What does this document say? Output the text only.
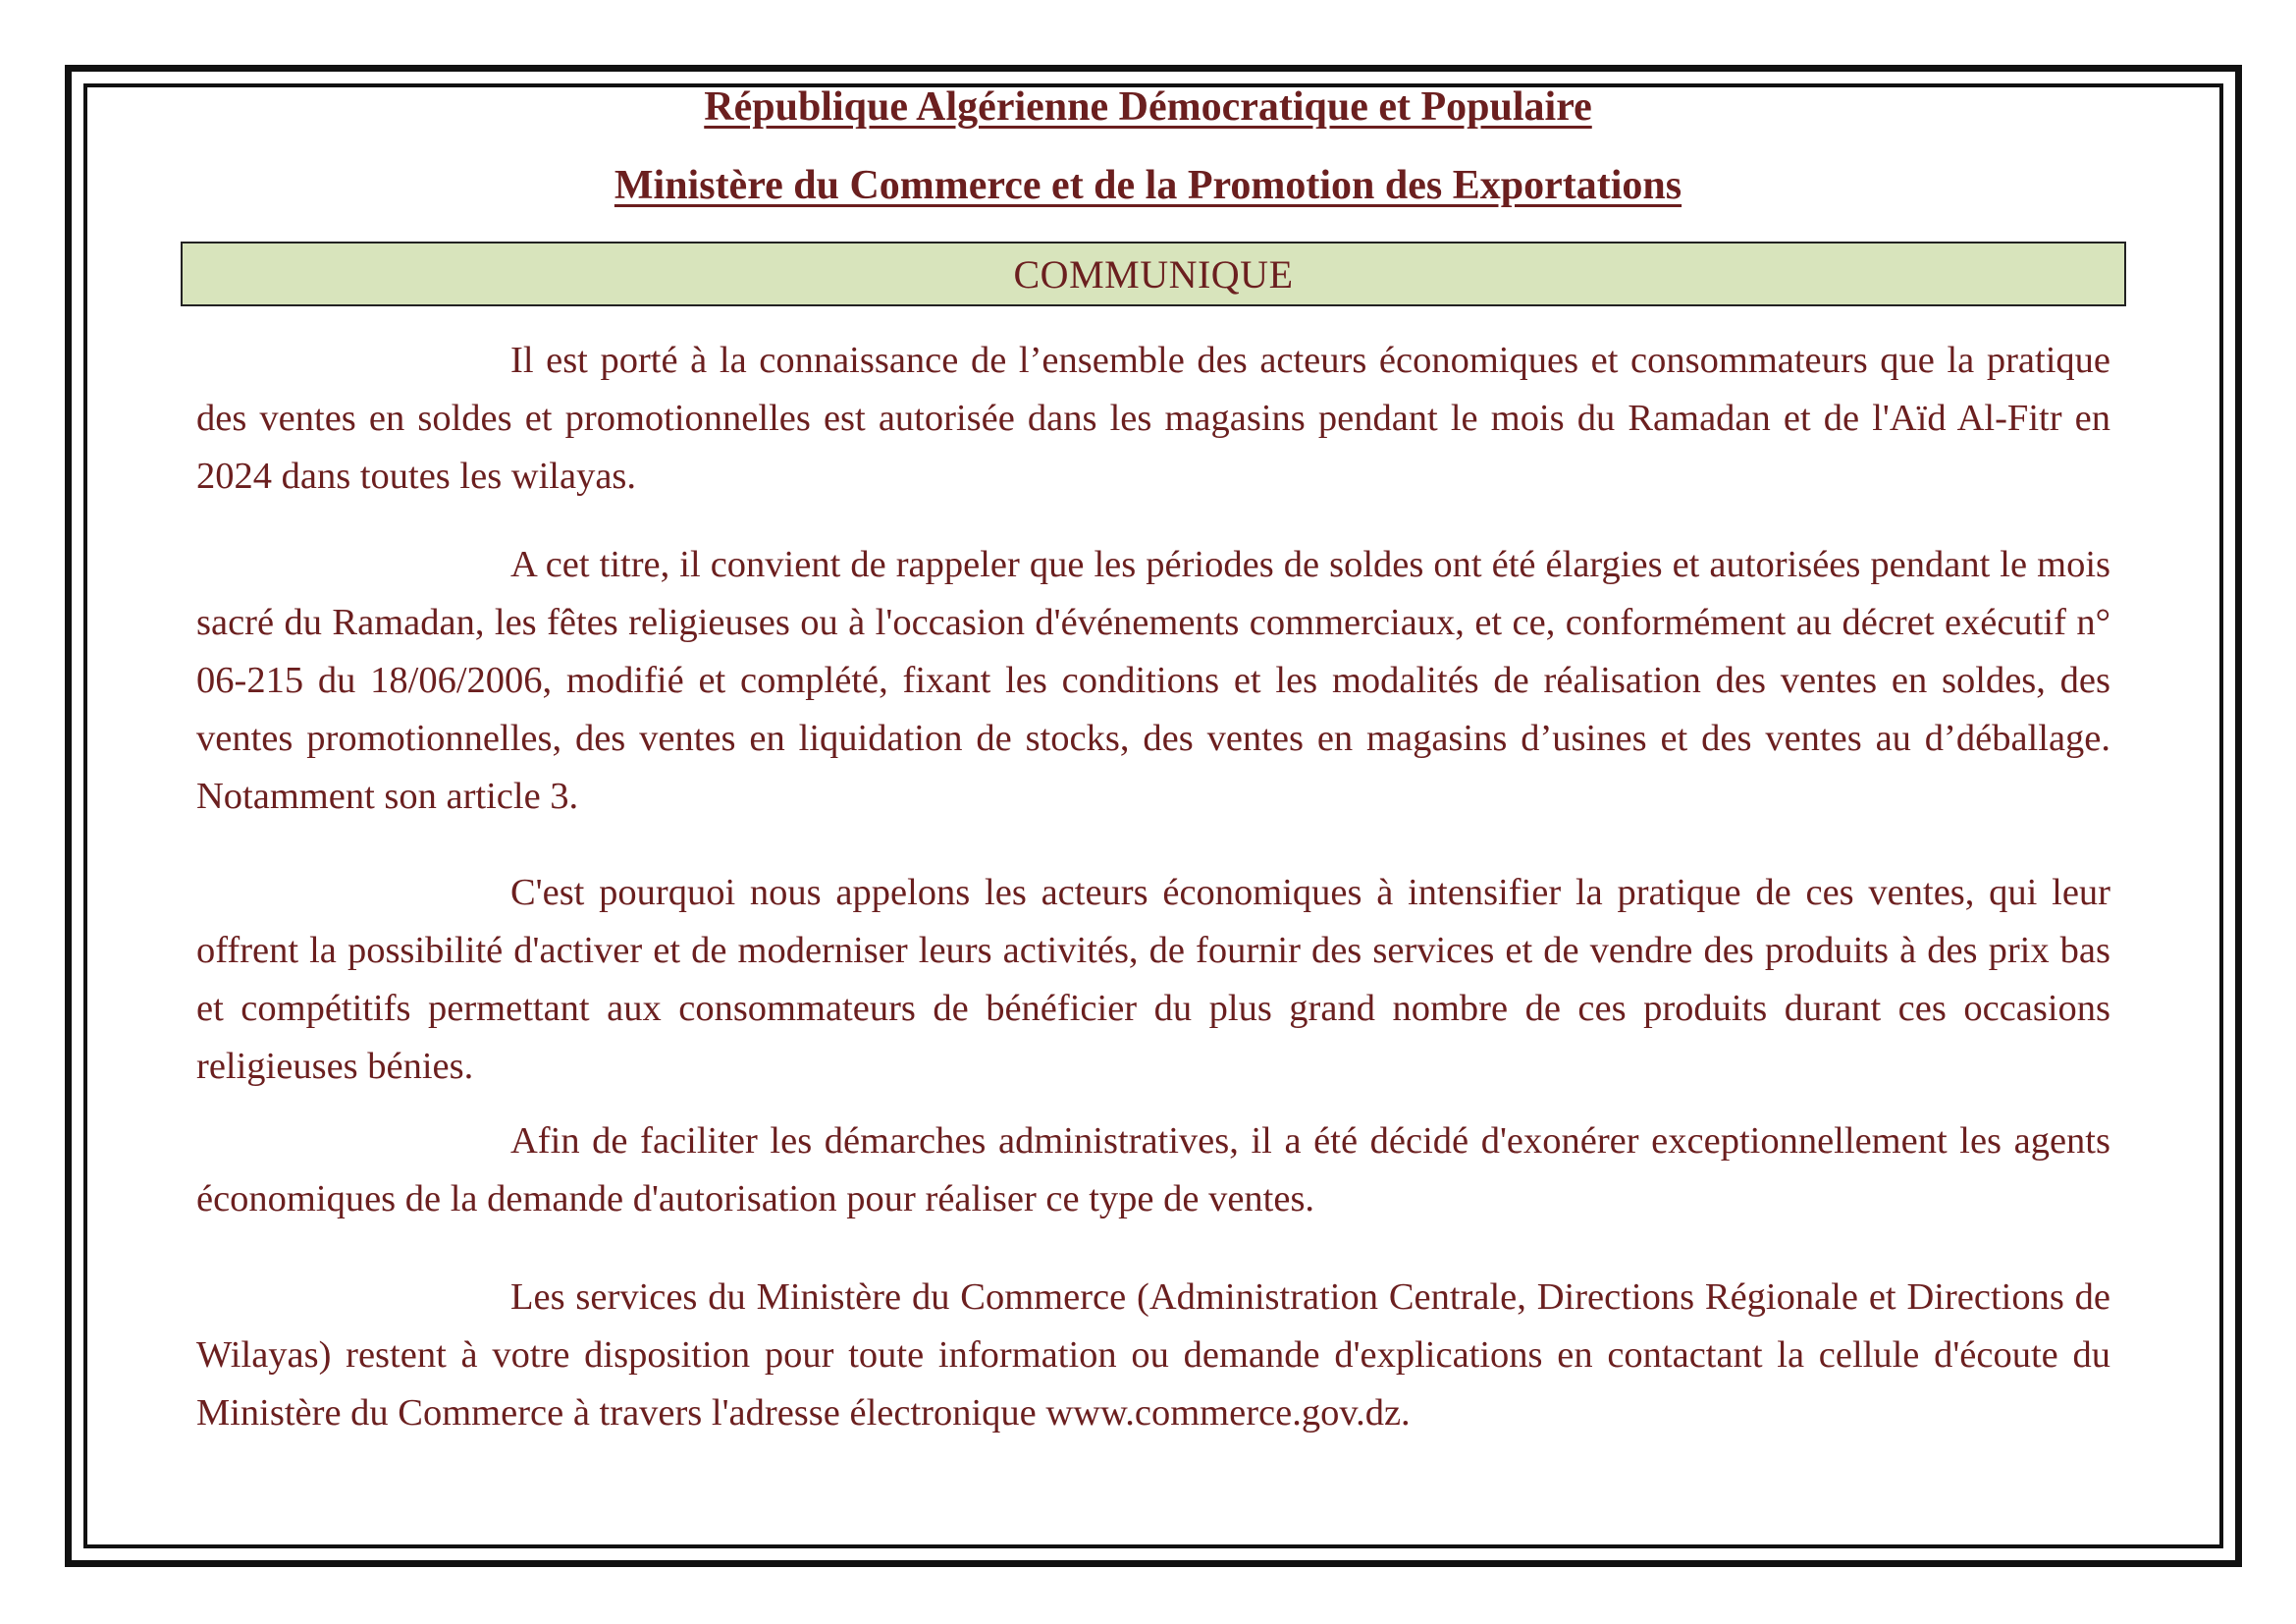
République Algérienne Démocratique et Populaire
Ministère du Commerce et de la Promotion des Exportations
COMMUNIQUE

Il est porté à la connaissance de l’ensemble des acteurs économiques et consommateurs que la pratique des ventes en soldes et promotionnelles est autorisée dans les magasins pendant le mois du Ramadan et de l'Aïd Al-Fitr en 2024 dans toutes les wilayas.

A cet titre, il convient de rappeler que les périodes de soldes ont été élargies et autorisées pendant le mois sacré du Ramadan, les fêtes religieuses ou à l'occasion d'événements commerciaux, et ce, conformément au décret exécutif n° 06-215 du 18/06/2006, modifié et complété, fixant les conditions et les modalités de réalisation des ventes en soldes, des ventes promotionnelles, des ventes en liquidation de stocks, des ventes en magasins d’usines et des ventes au d’déballage. Notamment son article 3.

C'est pourquoi nous appelons les acteurs économiques à intensifier la pratique de ces ventes, qui leur offrent la possibilité d'activer et de moderniser leurs activités, de fournir des services et de vendre des produits à des prix bas et compétitifs permettant aux consommateurs de bénéficier du plus grand nombre de ces produits durant ces occasions religieuses bénies.

Afin de faciliter les démarches administratives, il a été décidé d'exonérer exceptionnellement les agents économiques de la demande d'autorisation pour réaliser ce type de ventes.

Les services du Ministère du Commerce (Administration Centrale, Directions Régionale et Directions de Wilayas) restent à votre disposition pour toute information ou demande d'explications en contactant la cellule d'écoute du Ministère du Commerce à travers l'adresse électronique www.commerce.gov.dz.
